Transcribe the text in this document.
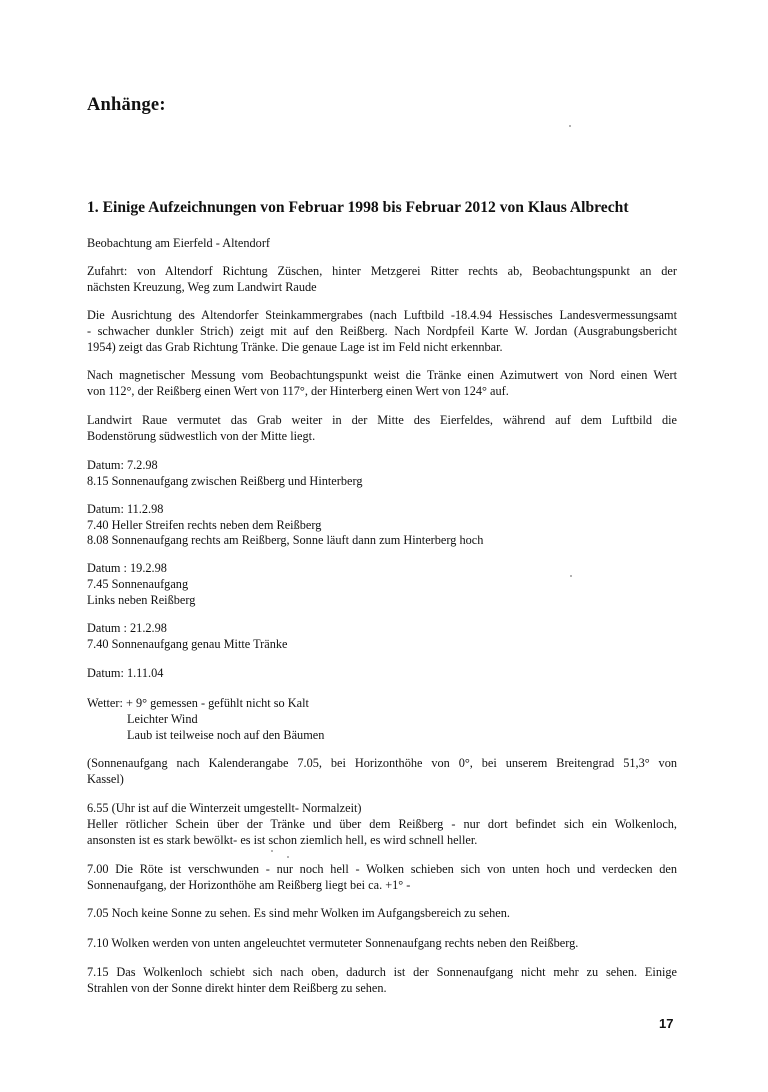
Anhänge:
1. Einige Aufzeichnungen von Februar 1998 bis Februar 2012 von Klaus Albrecht
Beobachtung am Eierfeld - Altendorf
Zufahrt: von Altendorf Richtung Züschen, hinter Metzgerei Ritter rechts ab, Beobachtungspunkt an der
nächsten Kreuzung, Weg zum Landwirt Raude
Die Ausrichtung des Altendorfer Steinkammergrabes (nach Luftbild -18.4.94 Hessisches Landesvermessungsamt
- schwacher dunkler Strich) zeigt mit auf den Reißberg. Nach Nordpfeil Karte W. Jordan (Ausgrabungsbericht
1954) zeigt das Grab Richtung Tränke. Die genaue Lage ist im Feld nicht erkennbar.
Nach magnetischer Messung vom Beobachtungspunkt weist die Tränke einen Azimutwert von Nord einen Wert
von 112°, der Reißberg einen Wert von 117°, der Hinterberg einen Wert von 124° auf.
Landwirt Raue vermutet das Grab weiter in der Mitte des Eierfeldes, während auf dem Luftbild die
Bodenstörung südwestlich von der Mitte liegt.
Datum: 7.2.98
8.15 Sonnenaufgang zwischen Reißberg und Hinterberg
Datum: 11.2.98
7.40 Heller Streifen rechts neben dem Reißberg
8.08 Sonnenaufgang rechts am Reißberg, Sonne läuft dann zum Hinterberg hoch
Datum : 19.2.98
7.45 Sonnenaufgang
Links neben Reißberg
Datum : 21.2.98
7.40 Sonnenaufgang genau Mitte Tränke
Datum: 1.11.04
Wetter: + 9° gemessen - gefühlt nicht so Kalt
Leichter Wind
Laub ist teilweise noch auf den Bäumen
(Sonnenaufgang nach Kalenderangabe 7.05, bei Horizonthöhe von 0°, bei unserem Breitengrad 51,3° von
Kassel)
6.55 (Uhr ist auf die Winterzeit umgestellt- Normalzeit)
Heller rötlicher Schein über der Tränke und über dem Reißberg - nur dort befindet sich ein Wolkenloch,
ansonsten ist es stark bewölkt- es ist schon ziemlich hell, es wird schnell heller.
7.00 Die Röte ist verschwunden - nur noch hell - Wolken schieben sich von unten hoch und verdecken den
Sonnenaufgang, der Horizonthöhe am Reißberg liegt bei ca. +1° -
7.05 Noch keine Sonne zu sehen. Es sind mehr Wolken im Aufgangsbereich zu sehen.
7.10 Wolken werden von unten angeleuchtet vermuteter Sonnenaufgang rechts neben den Reißberg.
7.15 Das Wolkenloch schiebt sich nach oben, dadurch ist der Sonnenaufgang nicht mehr zu sehen. Einige
Strahlen von der Sonne direkt hinter dem Reißberg zu sehen.
17
